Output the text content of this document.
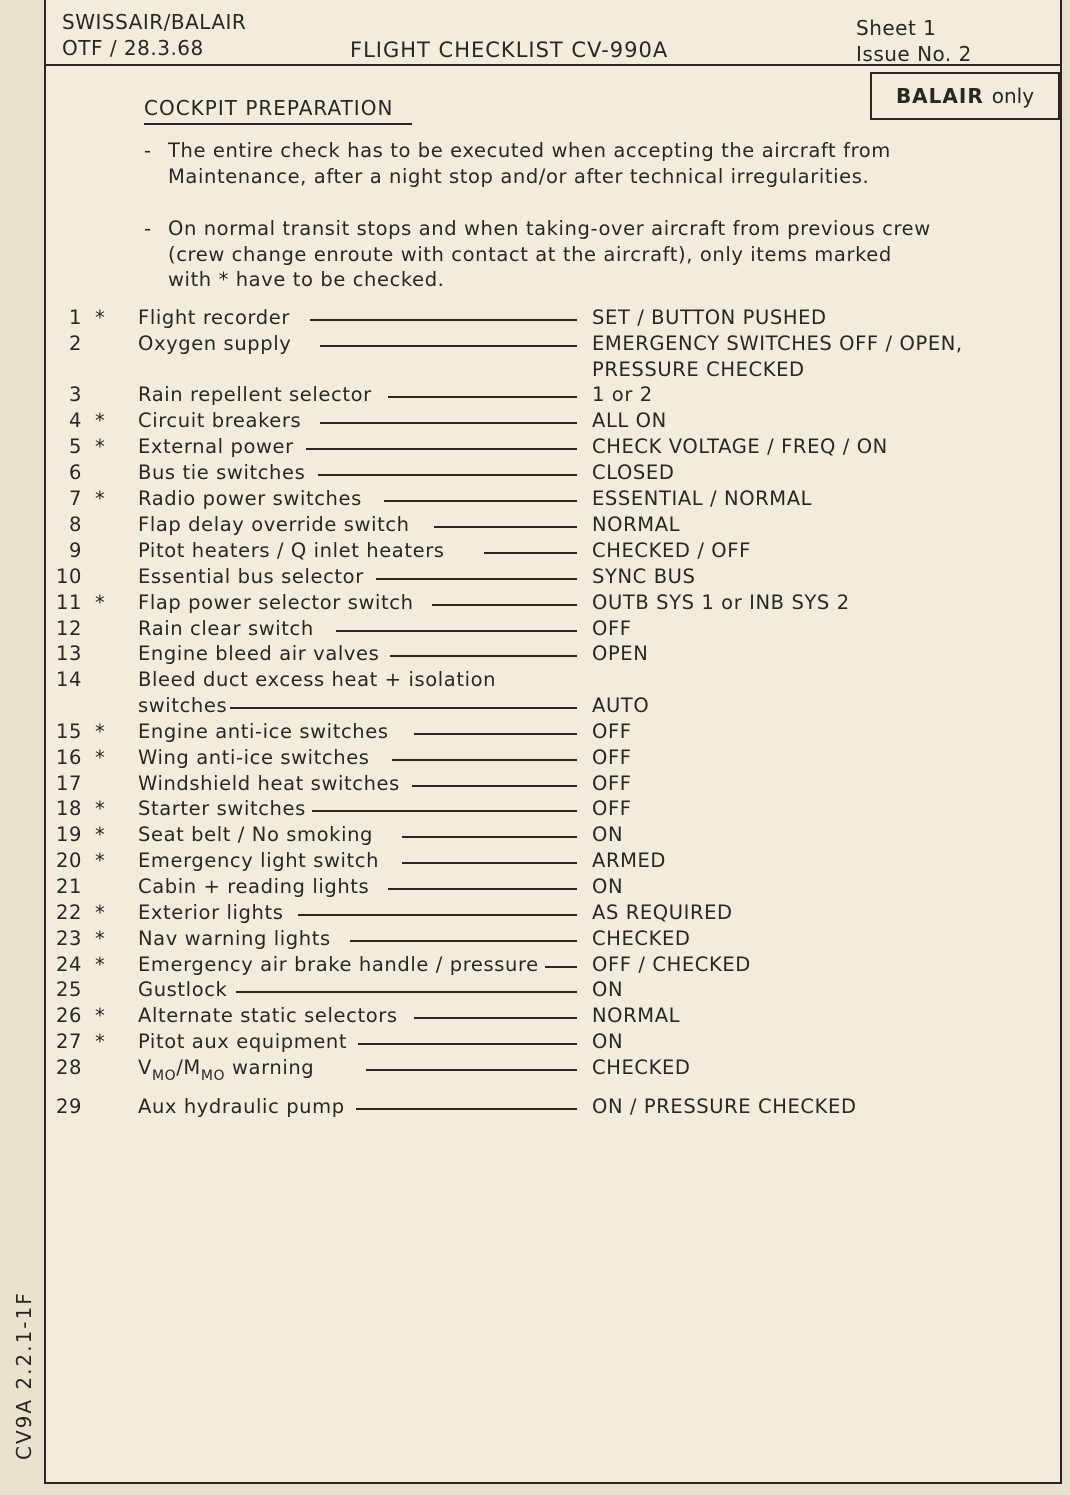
SWISSAIR/BALAIR
OTF / 28.3.68	FLIGHT CHECKLIST CV-990A
Sheet 1
Issue No. 2
BALAIR only
COCKPIT PREPARATION
- The entire check has to be executed when accepting the aircraft from
Maintenance, after a night stop and/or after technical irregularities.
- On normal transit stops and when taking-over aircraft from previous crew
(crew change enroute with contact at the aircraft), only items marked
with * have to be checked.
1 * Flight recorder	SET / BUTTON PUSHED
2	Oxygen supply	EMERGENCY SWITCHES OFF / OPEN,
PRESSURE CHECKED
3	Rain repellent selector	1 or 2
4 * Circuit breakers	ALL ON
5 * External power	CHECK VOLTAGE / FREQ / ON
6	Bus tie switches	CLOSED
7 * Radio power switches	ESSENTIAL / NORMAL
8	Flap delay override switch	NORMAL
9	Pitot heaters / Q inlet heaters	CHECKED / OFF
10	Essential bus selector	SYNC BUS
11 * Flap power selector switch	OUTB SYS 1 or INB SYS 2
12	Rain clear switch	OFF
13	Engine bleed air valves	OPEN
14	Bleed duct excess heat + isolation
switches	AUTO
15 * Engine anti-ice switches	OFF
16 * Wing anti-ice switches	OFF
17	Windshield heat switches	OFF
18 * Starter switches	OFF
19 * Seat belt / No smoking	ON
20 * Emergency light switch	ARMED
21	Cabin + reading lights	ON
22 * Exterior lights	AS REQUIRED
23 * Nav warning lights	CHECKED
24 * Emergency air brake handle / pressure	OFF / CHECKED
25	Gustlock	ON
26 * Alternate static selectors	NORMAL
27 * Pitot aux equipment	ON
28	$V_{MO}/M_{MO}$ warning	CHECKED
29	Aux hydraulic pump	ON / PRESSURE CHECKED
CV9A 2.2.1-1F
